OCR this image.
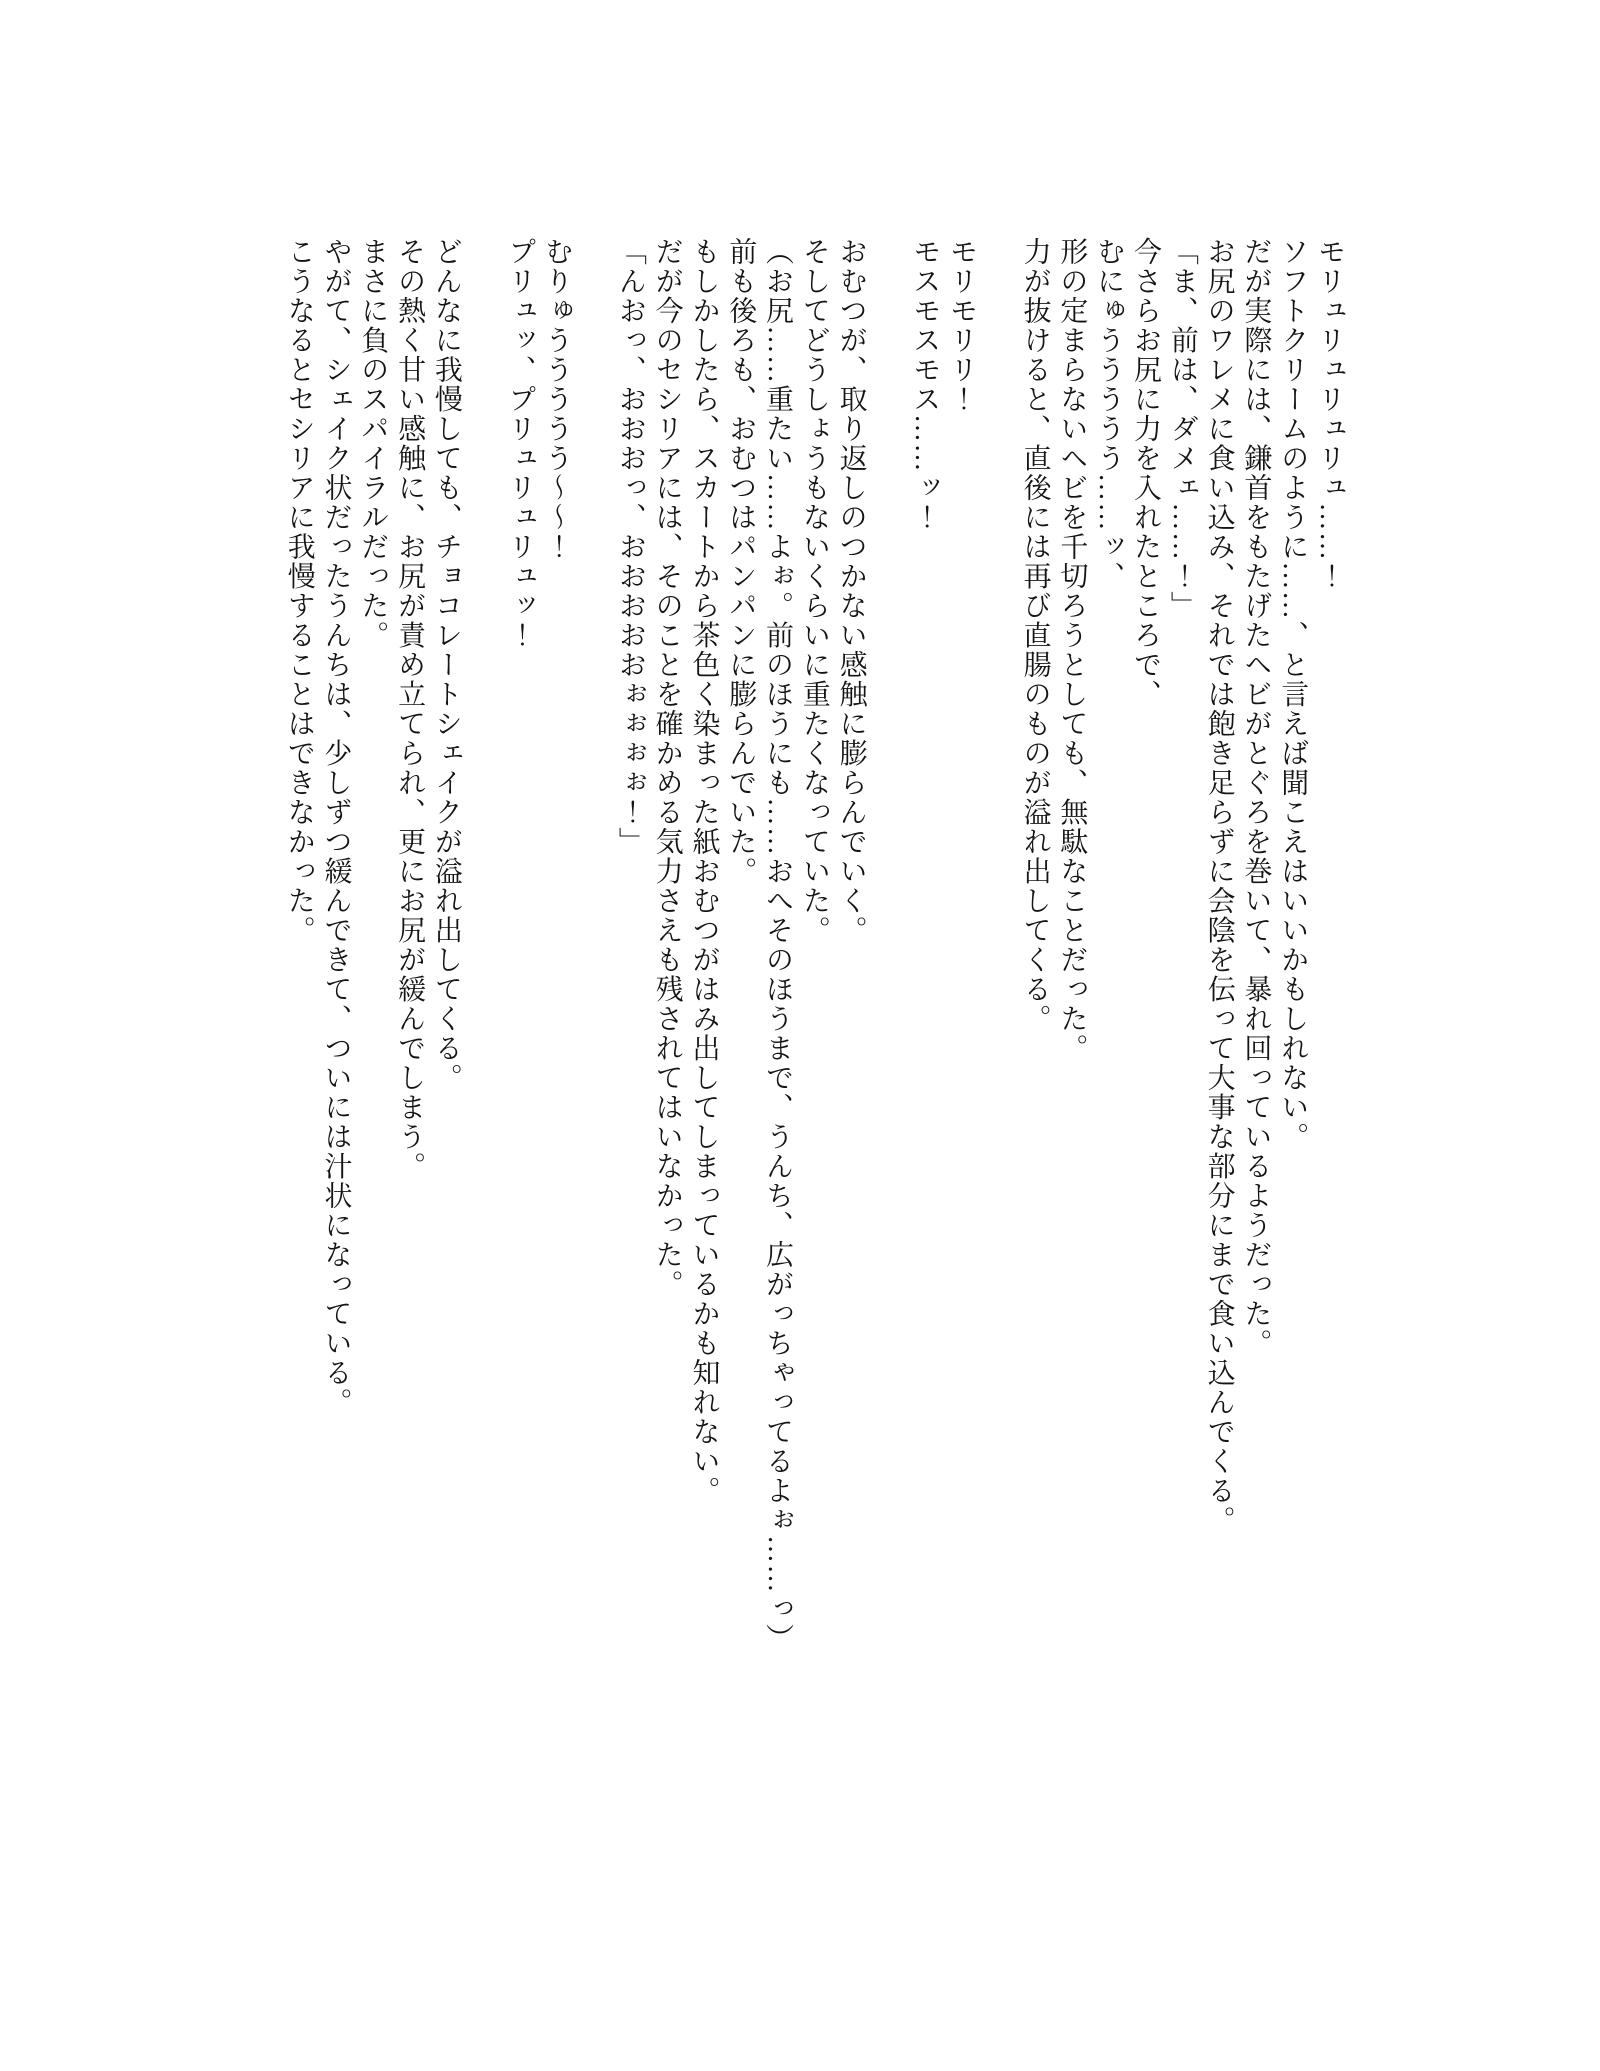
モリュリュリュリュ……！

ソフトクリームのように……、と言えば聞こえはいいかもしれない。

だが実際には、鎌首をもたげたヘビがとぐろを巻いて、暴れ回っているようだった。

お尻のワレメに食い込み、それでは飽き足らずに会陰を伝って大事な部分にまで食い込んでくる。

「ま、前は、ダメェ……！」

今さらお尻に力を入れたところで、

むにゅううううう……ッ、

形の定まらないヘビを千切ろうとしても、無駄なことだった。

力が抜けると、直後には再び直腸のものが溢れ出してくる。

モリモリリ！

モスモスモス……ッ！

おむつが、取り返しのつかない感触に膨らんでいく。

そしてどうしょうもないくらいに重たくなっていた。

（お尻……重たい……よぉ。前のほうにも……おへそのほうまで、うんち、広がっちゃってるよぉ……っ）

前も後ろも、おむつはパンパンに膨らんでいた。

もしかしたら、スカートから茶色く染まった紙おむつがはみ出してしまっているかも知れない。

だが今のセシリアには、そのことを確かめる気力さえも残されてはいなかった。

「んおっ、おおおっ、おおおおおぉぉぉぉ！」

むりゅううううう〜〜！

プリュッ、プリュリュリュッ！

どんなに我慢しても、チョコレートシェイクが溢れ出してくる。

その熱く甘い感触に、お尻が責め立てられ、更にお尻が緩んでしまう。

まさに負のスパイラルだった。

やがて、シェイク状だったうんちは、少しずつ緩んできて、ついには汁状になっている。

こうなるとセシリアに我慢することはできなかった。
